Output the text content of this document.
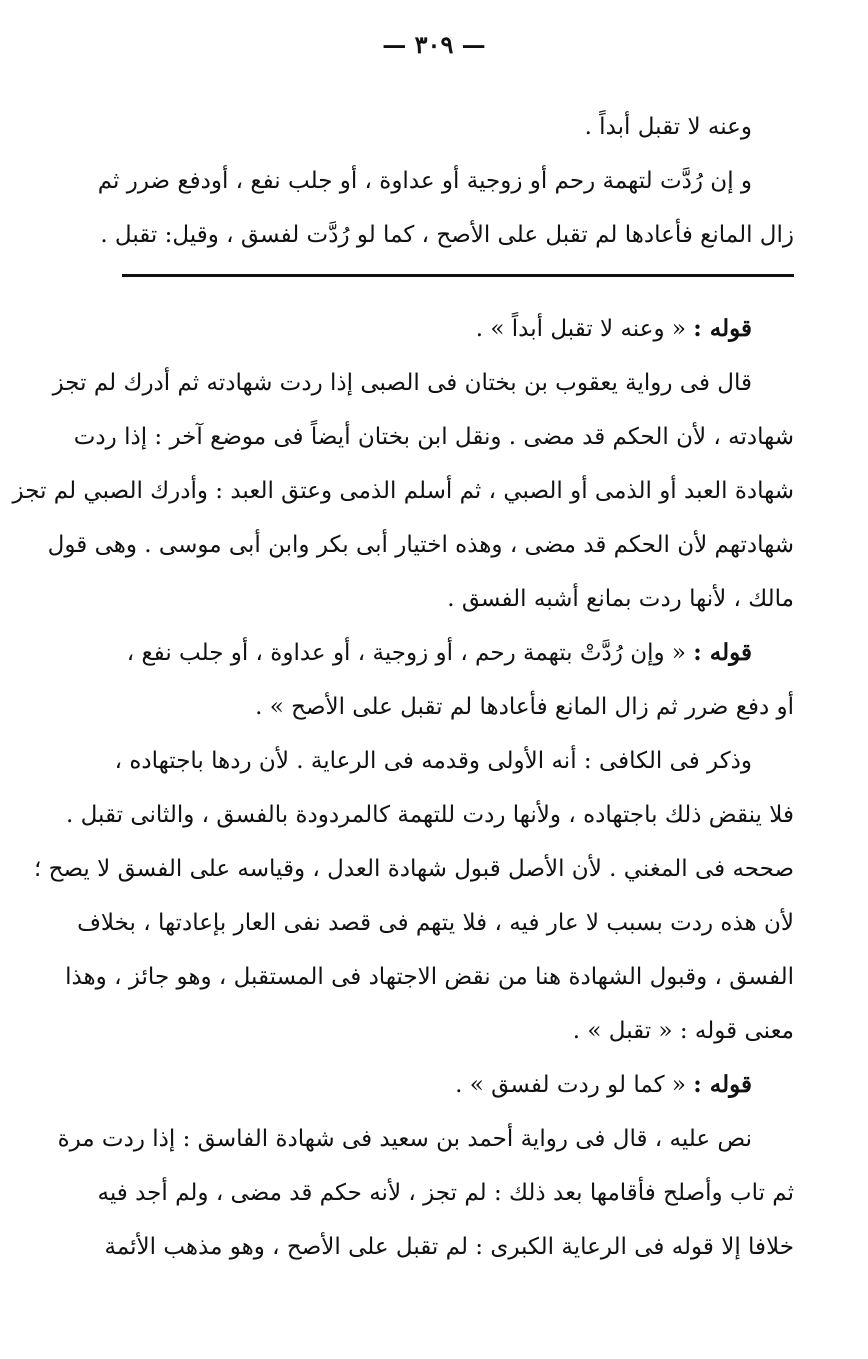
— ٣٠٩ —
وعنه لا تقبل أبداً .
و إن رُدَّت لتهمة رحم أو زوجية أو عداوة ، أو جلب نفع ، أودفع ضرر ثم
زال المانع فأعادها لم تقبل على الأصح ، كما لو رُدَّت لفسق ، وقيل: تقبل .
قوله : « وعنه لا تقبل أبداً » .
قال فى رواية يعقوب بن بختان فى الصبى إذا ردت شهادته ثم أدرك لم تجز
شهادته ، لأن الحكم قد مضى . ونقل ابن بختان أيضاً فى موضع آخر : إذا ردت
شهادة العبد أو الذمى أو الصبي ، ثم أسلم الذمى وعتق العبد : وأدرك الصبي لم تجز
شهادتهم لأن الحكم قد مضى ، وهذه اختيار أبى بكر وابن أبى موسى . وهى قول
مالك ، لأنها ردت بمانع أشبه الفسق .
قوله : « وإن رُدَّتْ بتهمة رحم ، أو زوجية ، أو عداوة ، أو جلب نفع ،
أو دفع ضرر ثم زال المانع فأعادها لم تقبل على الأصح » .
وذكر فى الكافى : أنه الأولى وقدمه فى الرعاية . لأن ردها باجتهاده ،
فلا ينقض ذلك باجتهاده ، ولأنها ردت للتهمة كالمردودة بالفسق ، والثانى تقبل .
صححه فى المغني . لأن الأصل قبول شهادة العدل ، وقياسه على الفسق لا يصح ؛
لأن هذه ردت بسبب لا عار فيه ، فلا يتهم فى قصد نفى العار بإعادتها ، بخلاف
الفسق ، وقبول الشهادة هنا من نقض الاجتهاد فى المستقبل ، وهو جائز ، وهذا
معنى قوله : « تقبل » .
قوله : « كما لو ردت لفسق » .
نص عليه ، قال فى رواية أحمد بن سعيد فى شهادة الفاسق : إذا ردت مرة
ثم تاب وأصلح فأقامها بعد ذلك : لم تجز ، لأنه حكم قد مضى ، ولم أجد فيه
خلافا إلا قوله فى الرعاية الكبرى : لم تقبل على الأصح ، وهو مذهب الأئمة
